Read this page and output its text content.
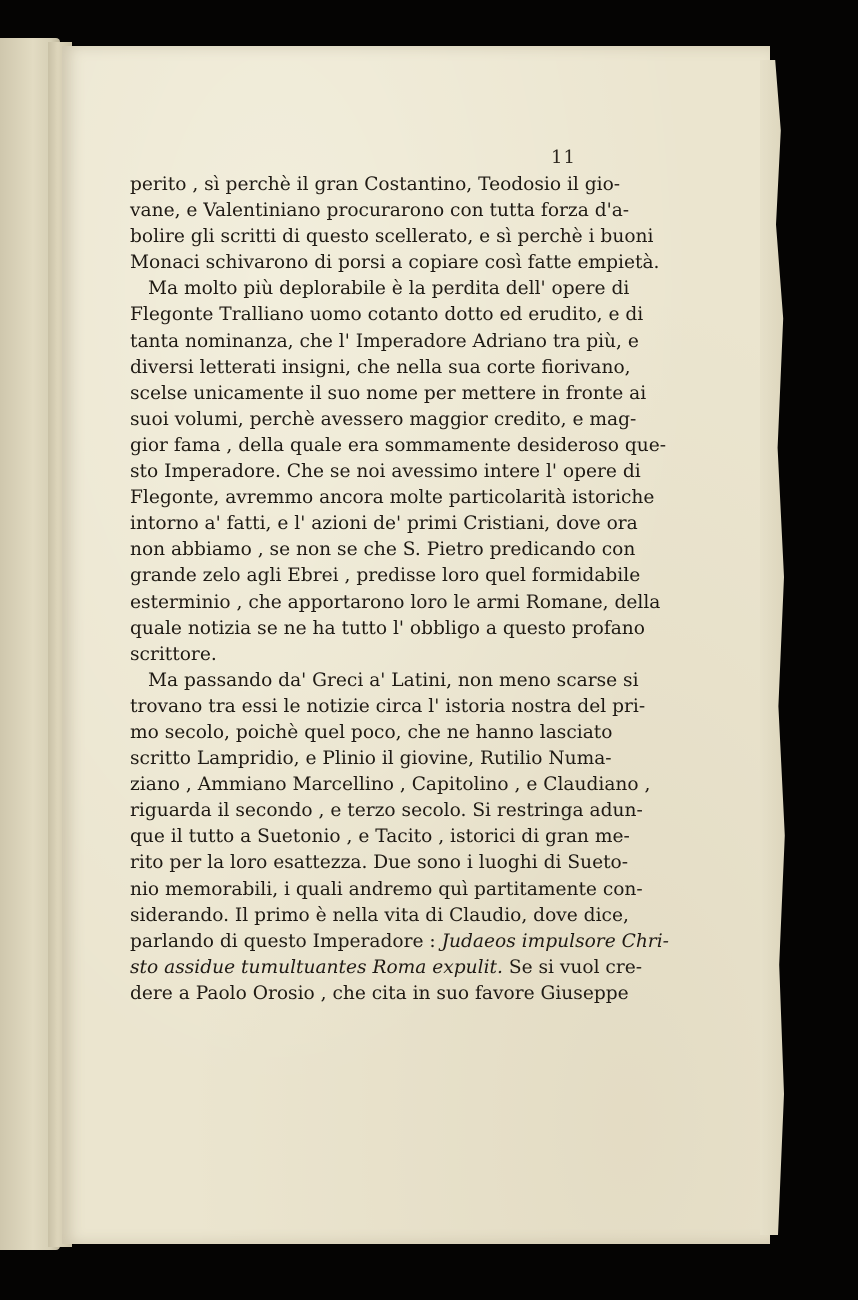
11
perito , sì perchè il gran Costantino, Teodosio il gio-
vane, e Valentiniano procurarono con tutta forza d'a-
bolire gli scritti di questo scellerato, e sì perchè i buoni
Monaci schivarono di porsi a copiare così fatte empietà.
Ma molto più deplorabile è la perdita dell' opere di
Flegonte Tralliano uomo cotanto dotto ed erudito, e di
tanta nominanza, che l' Imperadore Adriano tra più, e
diversi letterati insigni, che nella sua corte fiorivano,
scelse unicamente il suo nome per mettere in fronte ai
suoi volumi, perchè avessero maggior credito, e mag-
gior fama , della quale era sommamente desideroso que-
sto Imperadore. Che se noi avessimo intere l' opere di
Flegonte, avremmo ancora molte particolarità istoriche
intorno a' fatti, e l' azioni de' primi Cristiani, dove ora
non abbiamo , se non se che S. Pietro predicando con
grande zelo agli Ebrei , predisse loro quel formidabile
esterminio , che apportarono loro le armi Romane, della
quale notizia se ne ha tutto l' obbligo a questo profano
scrittore.
Ma passando da' Greci a' Latini, non meno scarse si
trovano tra essi le notizie circa l' istoria nostra del pri-
mo secolo, poichè quel poco, che ne hanno lasciato
scritto Lampridio, e Plinio il giovine, Rutilio Numa-
ziano , Ammiano Marcellino , Capitolino , e Claudiano ,
riguarda il secondo , e terzo secolo. Si restringa adun-
que il tutto a Suetonio , e Tacito , istorici di gran me-
rito per la loro esattezza. Due sono i luoghi di Sueto-
nio memorabili, i quali andremo quì partitamente con-
siderando. Il primo è nella vita di Claudio, dove dice,
parlando di questo Imperadore : Judaeos impulsore Chri-
sto assidue tumultuantes Roma expulit. Se si vuol cre-
dere a Paolo Orosio , che cita in suo favore Giuseppe
